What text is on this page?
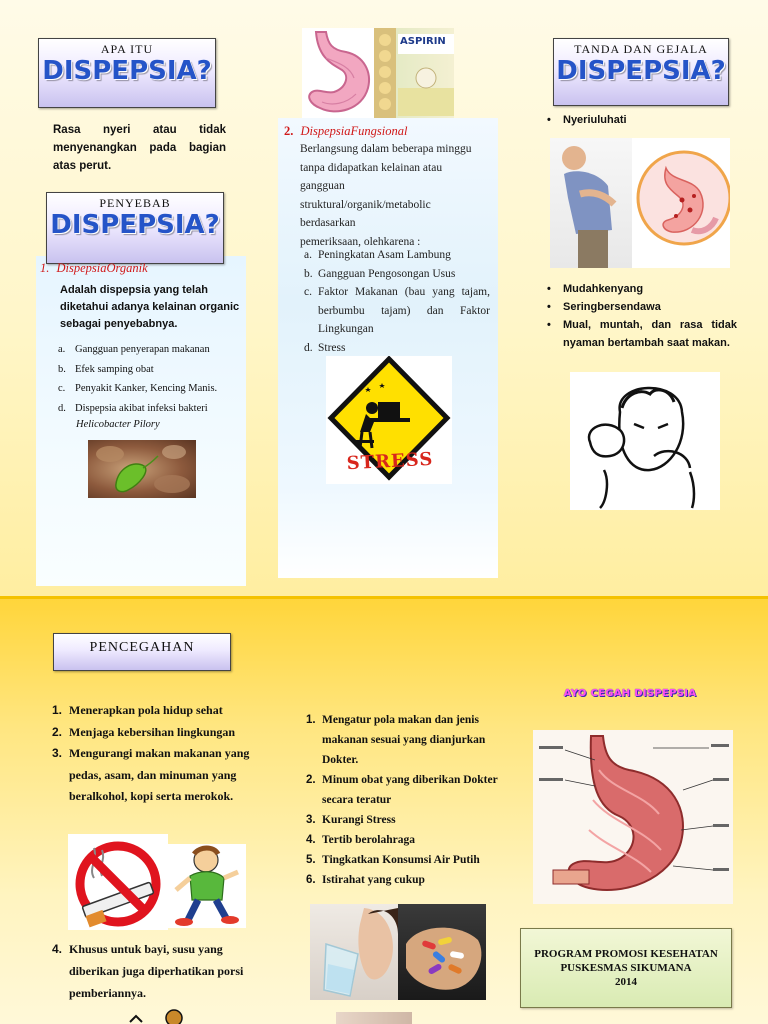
APA ITU
DISPEPSIA?
Rasa nyeri atau tidak menyenangkan pada bagian atas perut.
PENYEBAB
DISPEPSIA?
1. DispepsiaOrganik
Adalah dispepsia yang telah diketahui adanya kelainan organic sebagai penyebabnya.
a. Gangguan penyerapan makanan
b. Efek samping obat
c. Penyakit Kanker, Kencing Manis.
d. Dispepsia akibat infeksi bakteri
Helicobacter Pilory
ASPIRIN
2. DispepsiaFungsional
Berlangsung dalam beberapa minggu
tanpa didapatkan kelainan atau
gangguan
struktural/organik/metabolic
berdasarkan
pemeriksaan, olehkarena :
a. Peningkatan Asam Lambung
b. Gangguan Pengosongan Usus
c. Faktor Makanan (bau yang tajam, berbumbu tajam) dan Faktor Lingkungan
d. Stress
STRESS
TANDA DAN GEJALA
DISPEPSIA?
• Nyeriuluhati
•	Mudahkenyang
•	Seringbersendawa
•	Mual, muntah, dan rasa tidak nyaman bertambah saat makan.
PENCEGAHAN
1. Menerapkan pola hidup sehat
2. Menjaga kebersihan lingkungan
3. Mengurangi makan makanan yang pedas, asam, dan minuman yang beralkohol, kopi serta merokok.
4. Khusus untuk bayi, susu yang diberikan juga diperhatikan porsi pemberiannya.
1. Mengatur pola makan dan jenis makanan sesuai yang dianjurkan Dokter.
2. Minum obat yang diberikan Dokter secara teratur
3. Kurangi Stress
4. Tertib berolahraga
5. Tingkatkan Konsumsi Air Putih
6. Istirahat yang cukup
AYO CEGAH DISPEPSIA
PROGRAM PROMOSI KESEHATAN
PUSKESMAS SIKUMANA
2014
